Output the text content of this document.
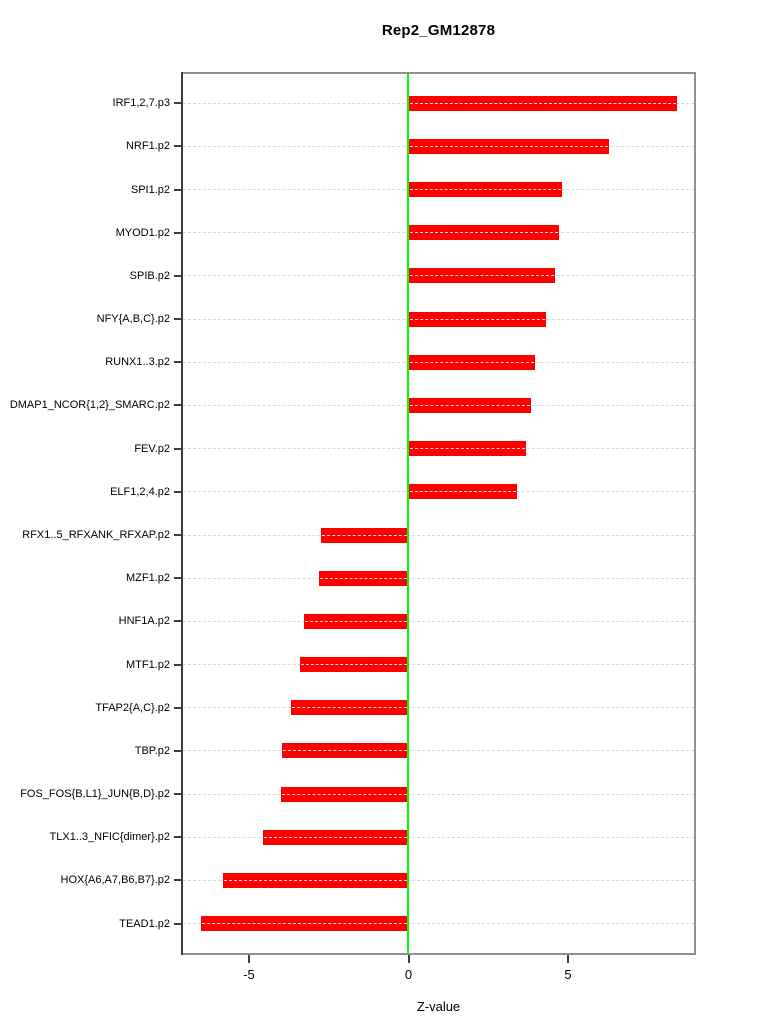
Rep2_GM12878
IRF1,2,7.p3
NRF1.p2
SPI1.p2
MYOD1.p2
SPIB.p2
NFY{A,B,C}.p2
RUNX1..3.p2
DMAP1_NCOR{1,2}_SMARC.p2
FEV.p2
ELF1,2,4.p2
RFX1..5_RFXANK_RFXAP.p2
MZF1.p2
HNF1A.p2
MTF1.p2
TFAP2{A,C}.p2
TBP.p2
FOS_FOS{B,L1}_JUN{B,D}.p2
TLX1..3_NFIC{dimer}.p2
HOX{A6,A7,B6,B7}.p2
TEAD1.p2
-5	0	5
Z-value
